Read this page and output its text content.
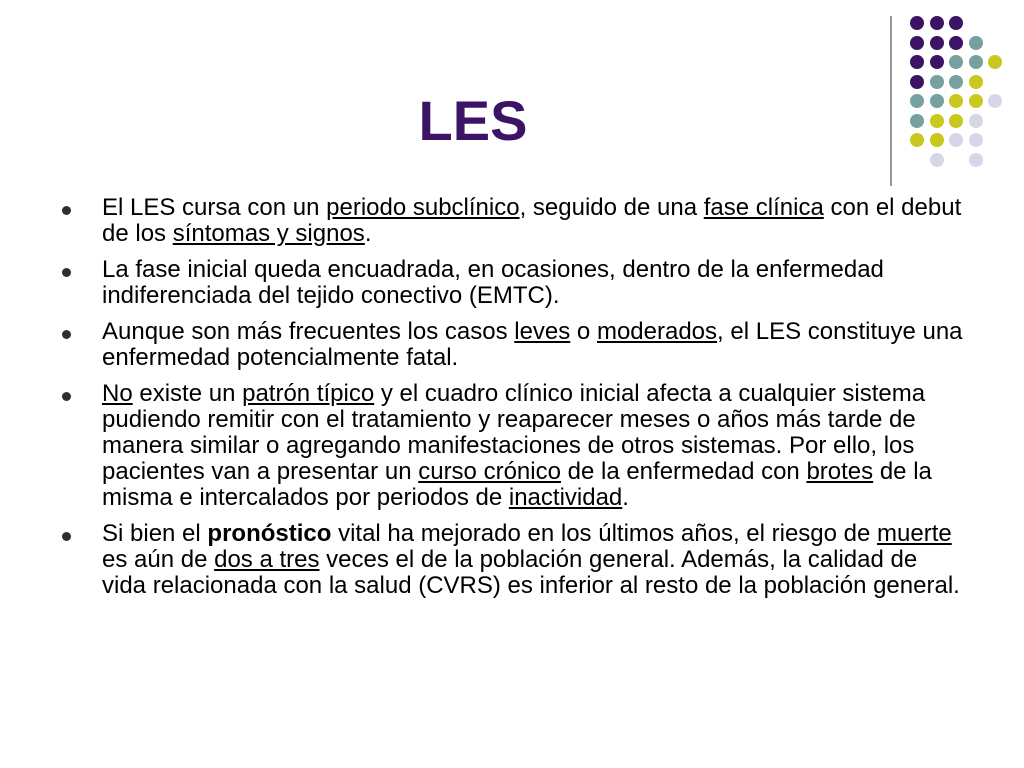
LES
El LES cursa con un periodo subclínico, seguido de una fase clínica con el debut de los síntomas y signos.
La fase inicial queda encuadrada, en ocasiones, dentro de la enfermedad indiferenciada del tejido conectivo (EMTC).
Aunque son más frecuentes los casos leves o moderados, el LES constituye una enfermedad potencialmente fatal.
No existe un patrón típico y el cuadro clínico inicial afecta a cualquier sistema pudiendo remitir con el tratamiento y reaparecer meses o años más tarde de manera similar o agregando manifestaciones de otros sistemas. Por ello, los pacientes van a presentar un curso crónico de la enfermedad con brotes de la misma e intercalados por periodos de inactividad.
Si bien el pronóstico vital ha mejorado en los últimos años, el riesgo de muerte es aún de dos a tres veces el de la población general. Además, la calidad de vida relacionada con la salud (CVRS) es inferior al resto de la población general.
